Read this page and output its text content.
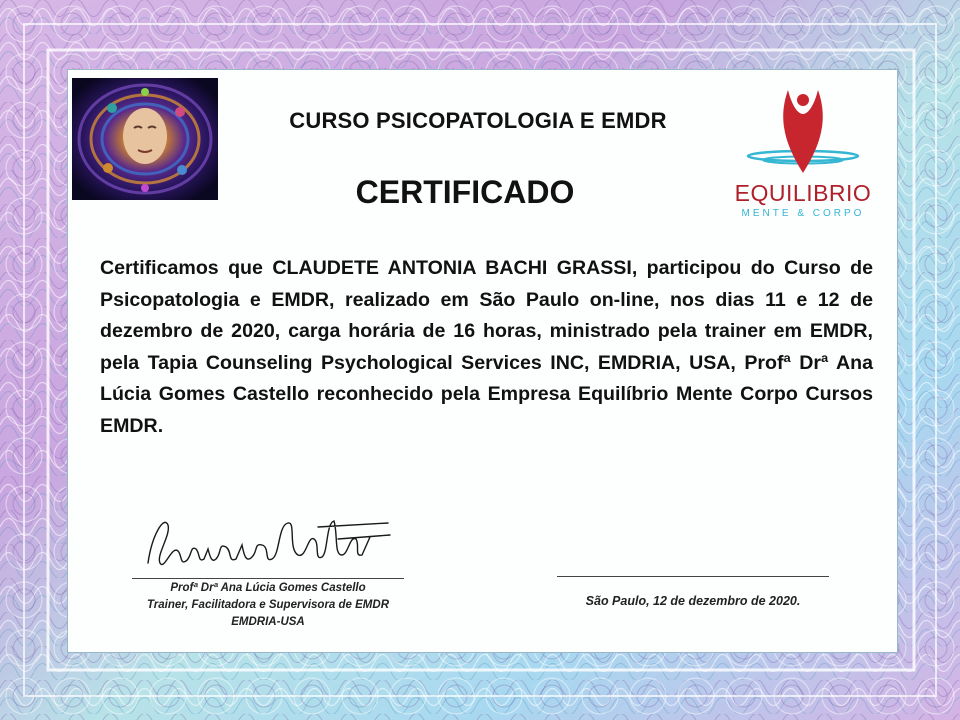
CURSO PSICOPATOLOGIA E EMDR
CERTIFICADO	EQUILIBRIO
MENTE & CORPO
Certificamos que CLAUDETE ANTONIA BACHI GRASSI, participou do Curso de Psicopatologia e EMDR, realizado em São Paulo on-line, nos dias 11 e 12 de dezembro de 2020, carga horária de 16 horas, ministrado pela trainer em EMDR, pela Tapia Counseling Psychological Services INC, EMDRIA, USA, Profª Drª Ana Lúcia Gomes Castello reconhecido pela Empresa Equilíbrio Mente Corpo Cursos EMDR.
Profª Drª Ana Lúcia Gomes Castello
Trainer, Facilitadora e Supervisora de EMDR
EMDRIA-USA
São Paulo, 12 de dezembro de 2020.
